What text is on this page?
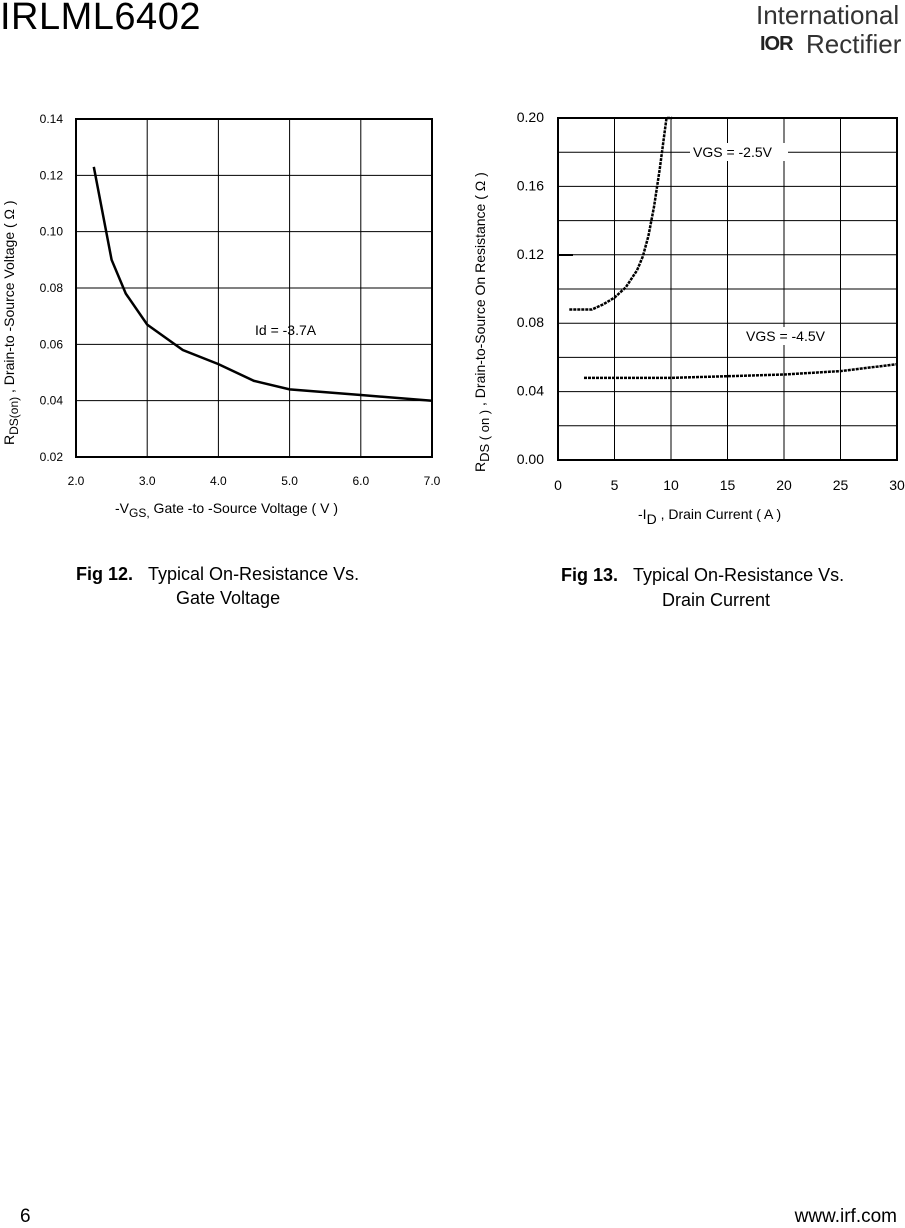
IRLML6402	International
IOR Rectifier
2.0	3.0	4.0	5.0	6.0	7.0
0.02
0.04
0.06
0.08
0.10
0.12
0.14
Id = -3.7A
-VGS, Gate -to -Source Voltage ( V )
RDS(on) , Drain-to -Source Voltage ( Ω )
0	5	10	15	20	25	30
0.00
0.04
0.08
0.12
0.16
0.20
VGS = -2.5V
VGS = -4.5V
-ID , Drain Current ( A )
RDS ( on ) , Drain-to-Source On Resistance ( Ω )
Fig 12. Typical On-Resistance Vs.
Gate Voltage
Fig 13. Typical On-Resistance Vs.
Drain Current
6	www.irf.com
